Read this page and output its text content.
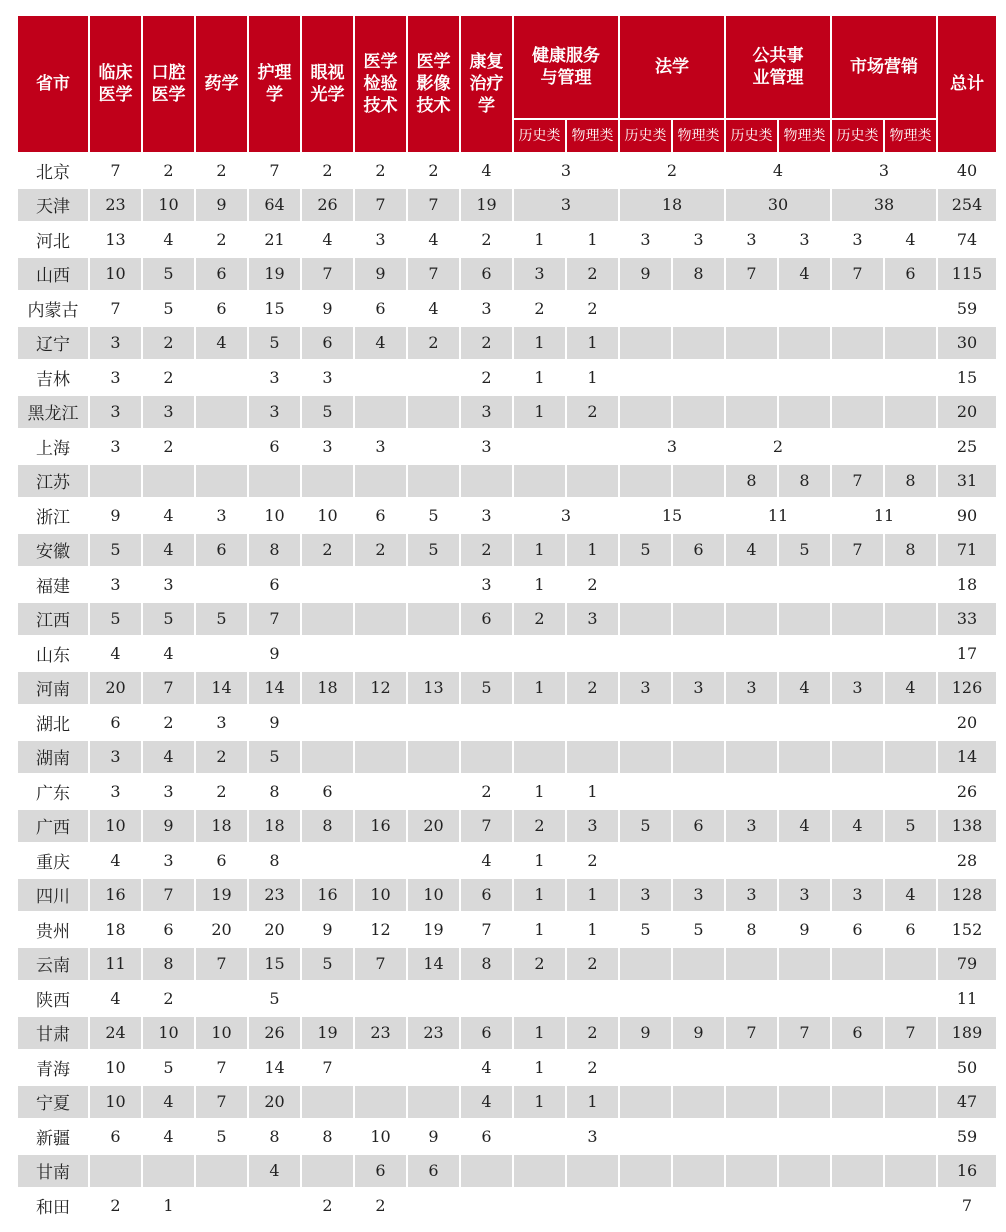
省市	临床
医学	口腔
医学	药学	护理
学	眼视
光学	医学
检验
技术	医学
影像
技术	康复
治疗
学	健康服务
与管理		法学		公共事
业管理		市场营销		总计
									历史类	物理类	历史类	物理类	历史类	物理类	历史类	物理类	
北京	7	2	2	7	2	2	2	4	3		2		4		3		40
天津	23	10	9	64	26	7	7	19	3		18		30		38		254
河北	13	4	2	21	4	3	4	2	1	1	3	3	3	3	3	4	74
山西	10	5	6	19	7	9	7	6	3	2	9	8	7	4	7	6	115
内蒙古	7	5	6	15	9	6	4	3	2	2							59
辽宁	3	2	4	5	6	4	2	2	1	1							30
吉林	3	2		3	3			2	1	1							15
黑龙江	3	3		3	5			3	1	2							20
上海	3	2		6	3	3		3			3		2				25
江苏													8	8	7	8	31
浙江	9	4	3	10	10	6	5	3	3		15		11		11		90
安徽	5	4	6	8	2	2	5	2	1	1	5	6	4	5	7	8	71
福建	3	3		6				3	1	2							18
江西	5	5	5	7				6	2	3							33
山东	4	4		9													17
河南	20	7	14	14	18	12	13	5	1	2	3	3	3	4	3	4	126
湖北	6	2	3	9													20
湖南	3	4	2	5													14
广东	3	3	2	8	6			2	1	1							26
广西	10	9	18	18	8	16	20	7	2	3	5	6	3	4	4	5	138
重庆	4	3	6	8				4	1	2							28
四川	16	7	19	23	16	10	10	6	1	1	3	3	3	3	3	4	128
贵州	18	6	20	20	9	12	19	7	1	1	5	5	8	9	6	6	152
云南	11	8	7	15	5	7	14	8	2	2							79
陕西	4	2		5													11
甘肃	24	10	10	26	19	23	23	6	1	2	9	9	7	7	6	7	189
青海	10	5	7	14	7			4	1	2							50
宁夏	10	4	7	20				4	1	1							47
新疆	6	4	5	8	8	10	9	6		3							59
甘南				4		6	6										16
和田	2	1			2	2											7
